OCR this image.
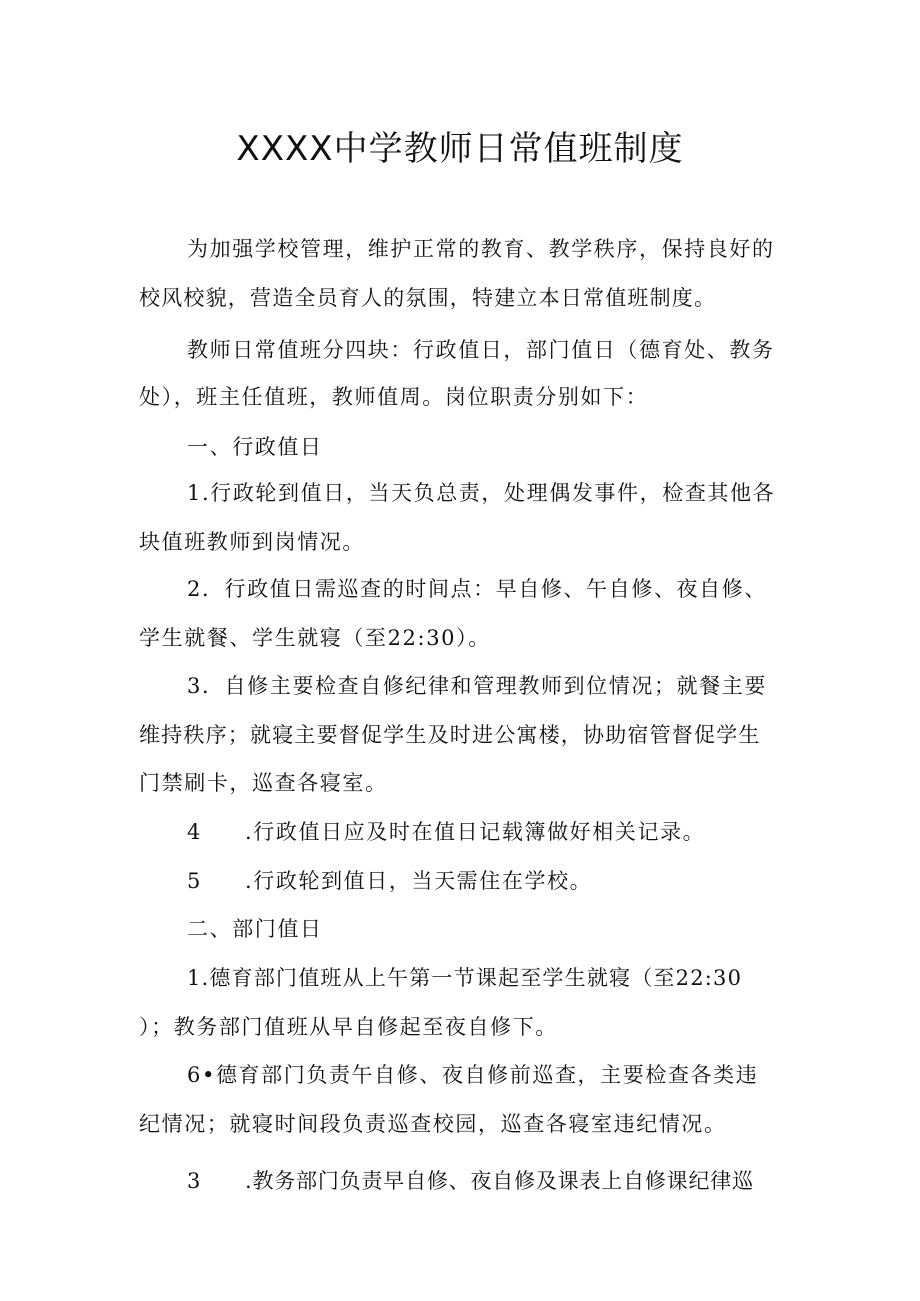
XXXX中学教师日常值班制度
为加强学校管理，维护正常的教育、教学秩序，保持良好的
校风校貌，营造全员育人的氛围，特建立本日常值班制度。
教师日常值班分四块：行政值日，部门值日（德育处、教务
处），班主任值班，教师值周。岗位职责分别如下：
一、行政值日
1.行政轮到值日，当天负总责，处理偶发事件，检查其他各
块值班教师到岗情况。
2．行政值日需巡查的时间点：早自修、午自修、夜自修、
学生就餐、学生就寝（至22:30）。
3．自修主要检查自修纪律和管理教师到位情况；就餐主要
维持秩序；就寝主要督促学生及时进公寓楼，协助宿管督促学生
门禁刷卡，巡查各寝室。
4 .行政值日应及时在值日记载簿做好相关记录。
5 .行政轮到值日，当天需住在学校。
二、部门值日
1.德育部门值班从上午第一节课起至学生就寝（至22:30
）；教务部门值班从早自修起至夜自修下。
6•德育部门负责午自修、夜自修前巡查，主要检查各类违
纪情况；就寝时间段负责巡查校园，巡查各寝室违纪情况。
3 .教务部门负责早自修、夜自修及课表上自修课纪律巡
